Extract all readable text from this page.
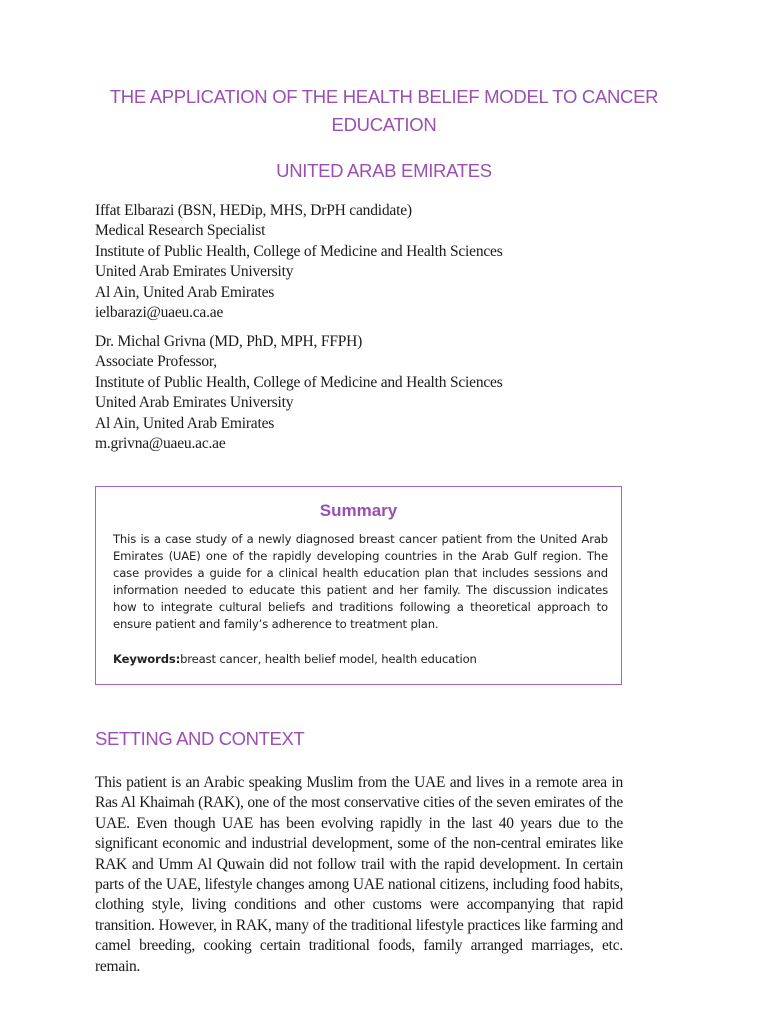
THE APPLICATION OF THE HEALTH BELIEF MODEL TO CANCER EDUCATION
UNITED ARAB EMIRATES
Iffat Elbarazi (BSN, HEDip, MHS, DrPH candidate)
Medical Research Specialist
Institute of Public Health, College of Medicine and Health Sciences
United Arab Emirates University
Al Ain, United Arab Emirates
ielbarazi@uaeu.ca.ae
Dr. Michal Grivna (MD, PhD, MPH, FFPH)
Associate Professor,
Institute of Public Health, College of Medicine and Health Sciences
United Arab Emirates University
Al Ain, United Arab Emirates
m.grivna@uaeu.ac.ae
Summary
This is a case study of a newly diagnosed breast cancer patient from the United Arab Emirates (UAE) one of the rapidly developing countries in the Arab Gulf region. The case provides a guide for a clinical health education plan that includes sessions and information needed to educate this patient and her family. The discussion indicates how to integrate cultural beliefs and traditions following a theoretical approach to ensure patient and family’s adherence to treatment plan.
Keywords:breast cancer, health belief model, health education
SETTING AND CONTEXT
This patient is an Arabic speaking Muslim from the UAE and lives in a remote area in Ras Al Khaimah (RAK), one of the most conservative cities of the seven emirates of the UAE. Even though UAE has been evolving rapidly in the last 40 years due to the significant economic and industrial development, some of the non-central emirates like RAK and Umm Al Quwain did not follow trail with the rapid development. In certain parts of the UAE, lifestyle changes among UAE national citizens, including food habits, clothing style, living conditions and other customs were accompanying that rapid transition. However, in RAK, many of the traditional lifestyle practices like farming and camel breeding, cooking certain traditional foods, family arranged marriages, etc. remain.
